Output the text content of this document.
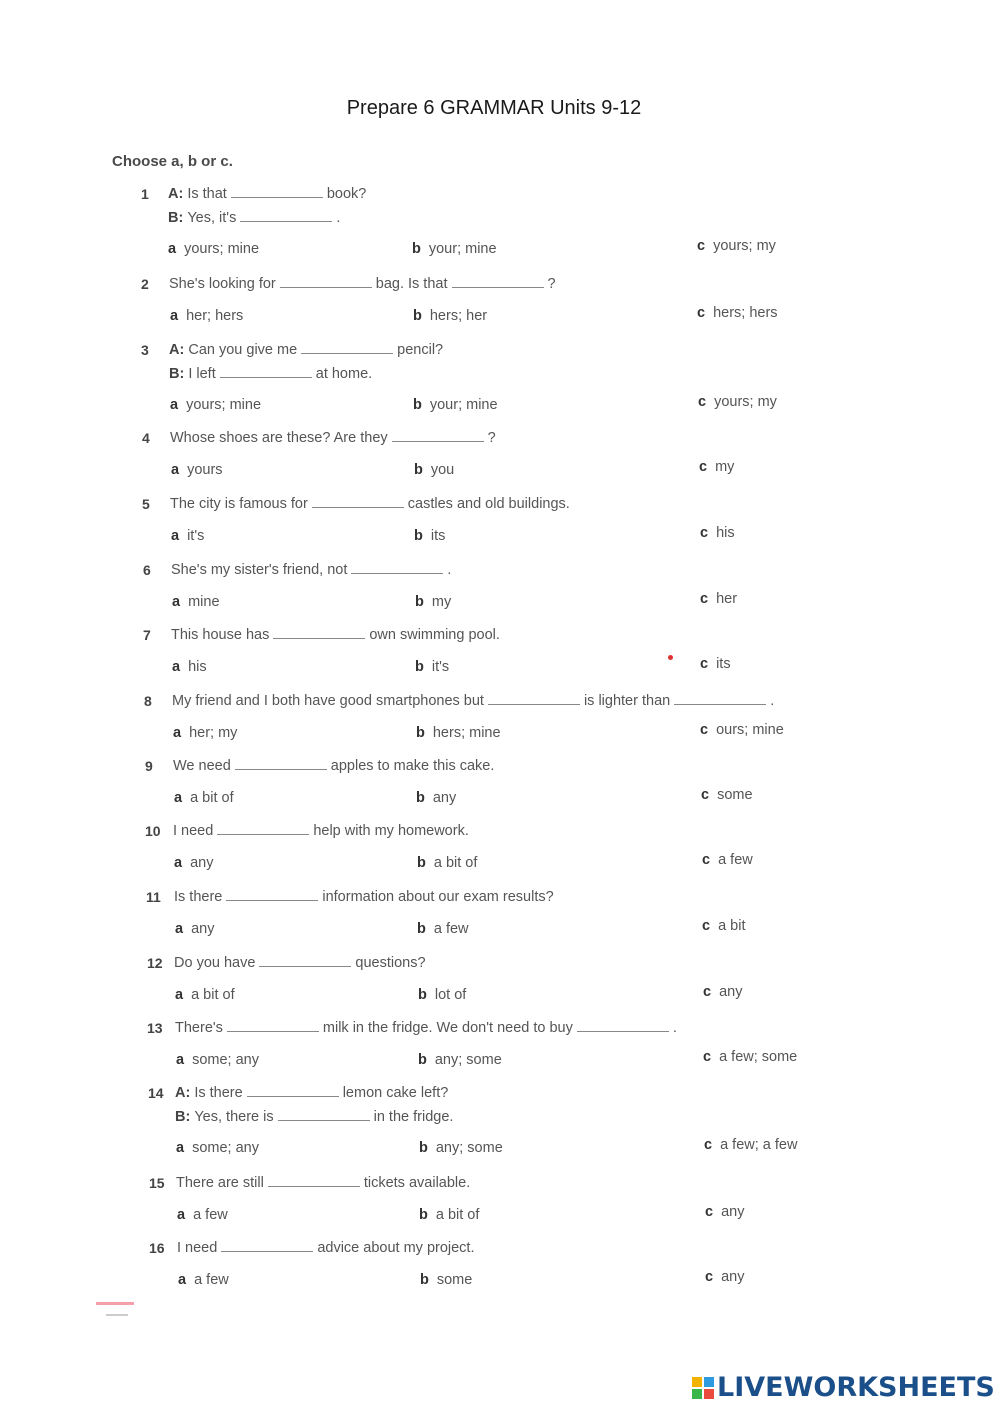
Prepare 6 GRAMMAR Units 9-12
Choose a, b or c.
1 A: Is that	book?
B: Yes, it's	.
a yours; mine	b your; mine	c yours; my
2 She's looking for	bag. Is that	?
a her; hers	b hers; her	c hers; hers
3 A: Can you give me	pencil?
B: I left	at home.
a yours; mine	b your; mine	c yours; my
4 Whose shoes are these? Are they	?
a yours	b you	c my
5 The city is famous for	castles and old buildings.
a it's	b its	c his
6 She's my sister's friend, not	.
a mine	b my	c her
7 This house has	own swimming pool.
a his	b it's	c its
8 My friend and I both have good smartphones but	is lighter than	.
a her; my	b hers; mine	c ours; mine
9 We need	apples to make this cake.
a a bit of	b any	c some
10 I need	help with my homework.
a any	b a bit of	c a few
11 Is there	information about our exam results?
a any	b a few	c a bit
12 Do you have	questions?
a a bit of	b lot of	c any
13 There's	milk in the fridge. We don't need to buy	.
a some; any	b any; some	c a few; some
14 A: Is there	lemon cake left?
B: Yes, there is	in the fridge.
a some; any	b any; some	c a few; a few
15 There are still	tickets available.
a a few	b a bit of	c any
16 I need	advice about my project.
a a few	b some	c any
LIVEWORKSHEETS
